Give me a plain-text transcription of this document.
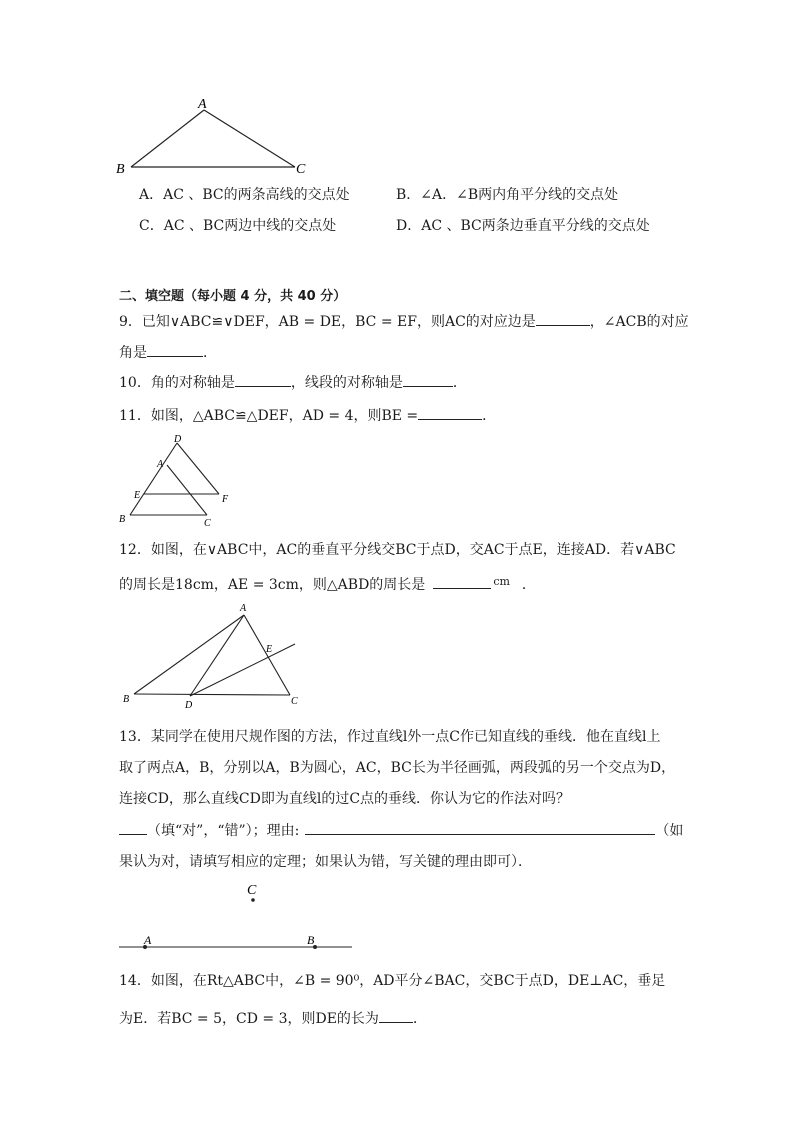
A
B	C
A．AC 、BC的两条高线的交点处	B．∠A．∠B两内角平分线的交点处
C．AC 、BC两边中线的交点处	D．AC 、BC两条边垂直平分线的交点处
二、填空题（每小题 4 分，共 40 分）
9．已知∨ABC≌∨DEF，AB = DE，BC = EF，则AC的对应边是	，∠ACB的对应
角是	．
10．角的对称轴是	，线段的对称轴是	．
11．如图，△ABC≌△DEF，AD = 4，则BE =	．
D
A
E	F
B	C
12．如图，在∨ABC中，AC的垂直平分线交BC于点D，交AC于点E，连接AD．若∨ABC
的周长是18cm，AE = 3cm，则△ABD的周长是	$^{cm}$ ．
A
E
B
D	C
13．某同学在使用尺规作图的方法，作过直线l外一点C作已知直线的垂线．他在直线l上
取了两点A，B，分别以A，B为圆心，AC，BC长为半径画弧，两段弧的另一个交点为D，
连接CD，那么直线CD即为直线l的过C点的垂线．你认为它的作法对吗？
（填“对”，“错”）；理由:	（如
果认为对，请填写相应的定理；如果认为错，写关键的理由即可）．
C
A	B
14．如图，在Rt△ABC中，∠B = 90⁰，AD平分∠BAC，交BC于点D，DE⊥AC，垂足
为E．若BC = 5，CD = 3，则DE的长为 ．
